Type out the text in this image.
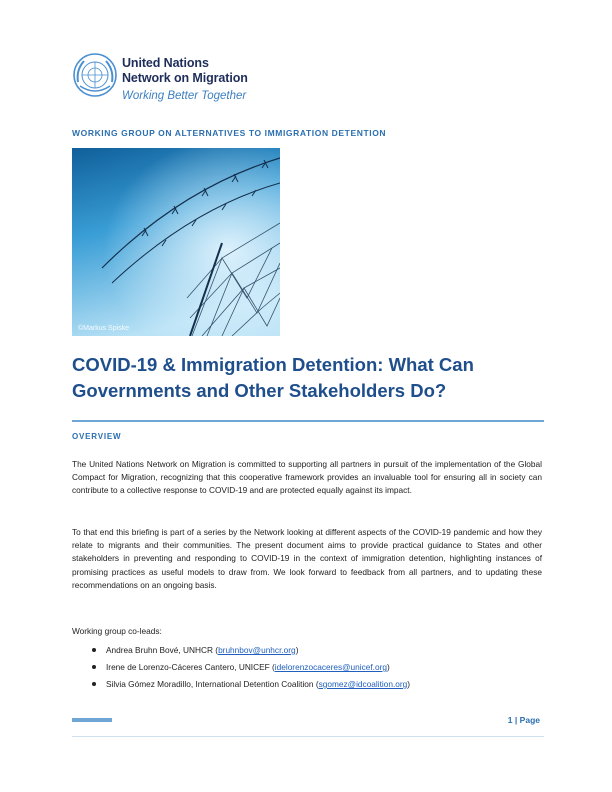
United Nations
Network on Migration
Working Better Together
WORKING GROUP ON ALTERNATIVES TO IMMIGRATION DETENTION
©Markus Spiske
COVID-19 & Immigration Detention: What Can Governments and Other Stakeholders Do?
OVERVIEW

The United Nations Network on Migration is committed to supporting all partners in pursuit of the implementation of the Global Compact for Migration, recognizing that this cooperative framework provides an invaluable tool for ensuring all in society can contribute to a collective response to COVID-19 and are protected equally against its impact.

To that end this briefing is part of a series by the Network looking at different aspects of the COVID-19 pandemic and how they relate to migrants and their communities. The present document aims to provide practical guidance to States and other stakeholders in preventing and responding to COVID-19 in the context of immigration detention, highlighting instances of promising practices as useful models to draw from. We look forward to feedback from all partners, and to updating these recommendations on an ongoing basis.

Working group co-leads:
Andrea Bruhn Bové, UNHCR (bruhnbov@unhcr.org)
Irene de Lorenzo-Cáceres Cantero, UNICEF (idelorenzocaceres@unicef.org)
Silvia Gómez Moradillo, International Detention Coalition (sgomez@idcoalition.org)
1 | Page
